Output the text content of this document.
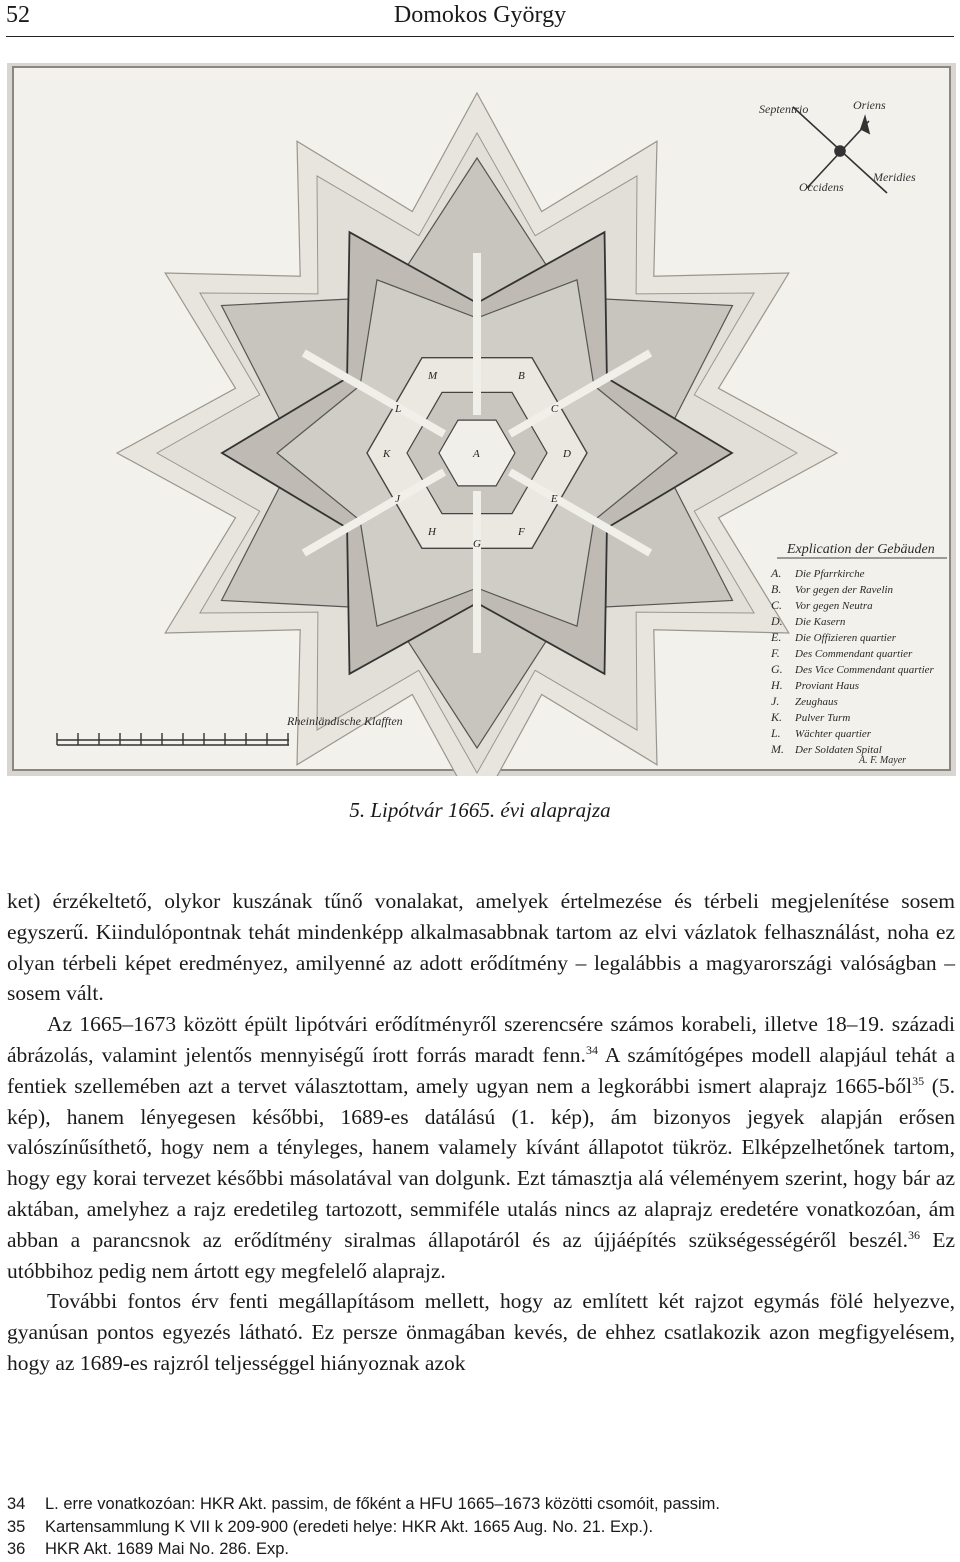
52	Domokos György
A
B
C
D
E
F
G
H
J
K
L
M
Septentrio	Oriens
Meridies
Occidens
Explication der Gebäuden
A. Die Pfarrkirche
B. Vor gegen der Ravelin
C. Vor gegen Neutra
D. Die Kasern
E. Die Offizieren quartier
F. Des Commendant quartier
G. Des Vice Commendant quartier
H. Proviant Haus
J. Zeughaus
K. Pulver Turm
L. Wächter quartier
M. Der Soldaten Spital
A. F. Mayer
Rheinländische Klafften
5. Lipótvár 1665. évi alaprajza

ket) érzékeltető, olykor kuszának tűnő vonalakat, amelyek értelmezése és térbeli megjelenítése sosem egyszerű. Kiindulópontnak tehát mindenképp alkalmasabbnak tartom az elvi vázlatok felhasználást, noha ez olyan térbeli képet eredményez, amilyenné az adott erődítmény – legalábbis a magyarországi valóságban – sosem vált.

Az 1665–1673 között épült lipótvári erődítményről szerencsére számos korabeli, illetve 18–19. századi ábrázolás, valamint jelentős mennyiségű írott forrás maradt fenn.$^{34}$ A számítógépes modell alapjául tehát a fentiek szellemében azt a tervet választottam, amely ugyan nem a legkorábbi ismert alaprajz 1665-ből$^{35}$ (5. kép), hanem lényegesen későbbi, 1689-es datálású (1. kép), ám bizonyos jegyek alapján erősen valószínűsíthető, hogy nem a tényleges, hanem valamely kívánt állapotot tükröz. Elképzelhetőnek tartom, hogy egy korai tervezet későbbi másolatával van dolgunk. Ezt támasztja alá véleményem szerint, hogy bár az aktában, amelyhez a rajz eredetileg tartozott, semmiféle utalás nincs az alaprajz eredetére vonatkozóan, ám abban a parancsnok az erődítmény siralmas állapotáról és az újjáépítés szükségességéről beszél.$^{36}$ Ez utóbbihoz pedig nem ártott egy megfelelő alaprajz.

További fontos érv fenti megállapításom mellett, hogy az említett két rajzot egymás fölé helyezve, gyanúsan pontos egyezés látható. Ez persze önmagában kevés, de ehhez csatlakozik azon megfigyelésem, hogy az 1689-es rajzról teljességgel hiányoznak azok

34	L. erre vonatkozóan: HKR Akt. passim, de főként a HFU 1665–1673 közötti csomóit, passim.
35	Kartensammlung K VII k 209-900 (eredeti helye: HKR Akt. 1665 Aug. No. 21. Exp.).
36	HKR Akt. 1689 Mai No. 286. Exp.
